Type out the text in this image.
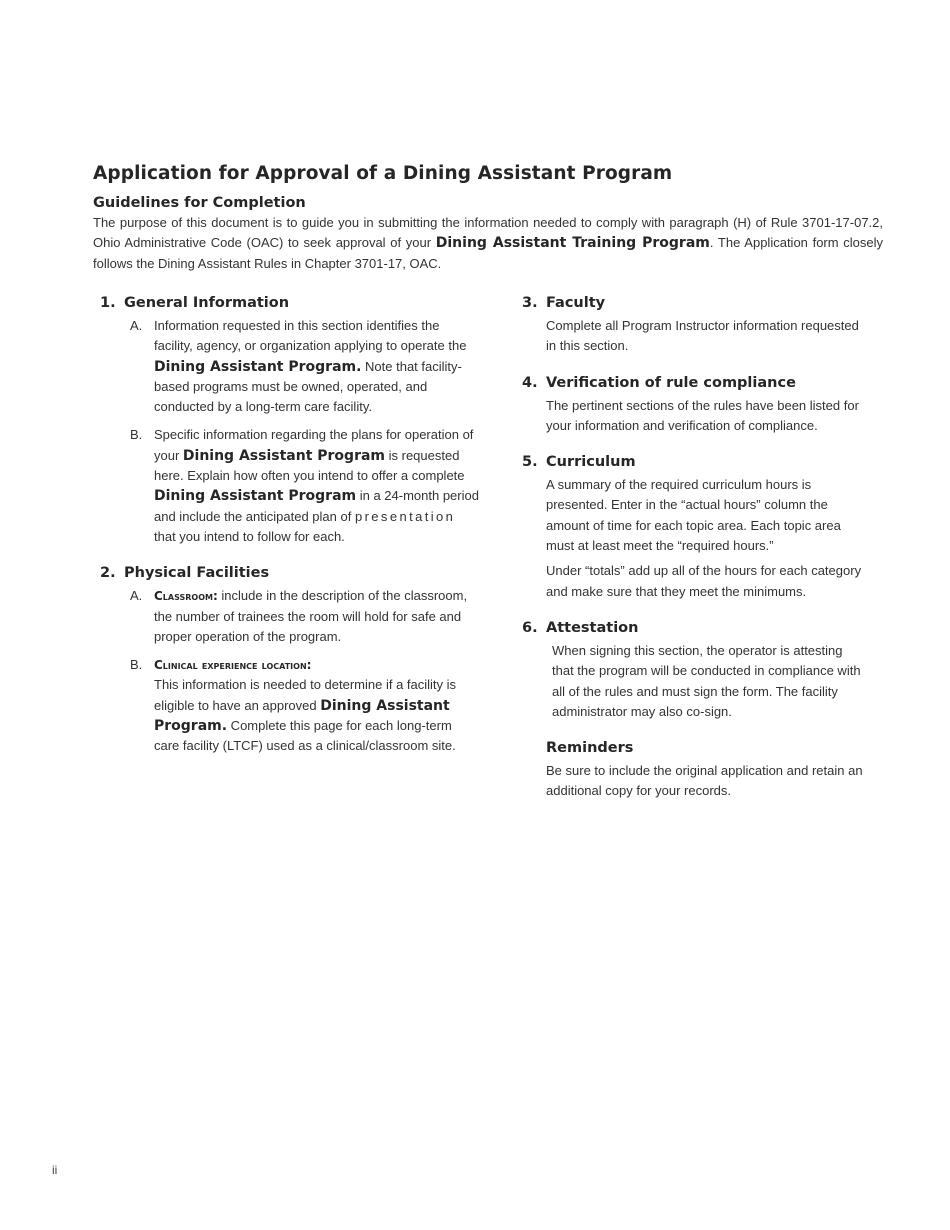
Application for Approval of a Dining Assistant Program
Guidelines for Completion

The purpose of this document is to guide you in submitting the information needed to comply with paragraph (H) of Rule 3701-17-07.2, Ohio Administrative Code (OAC) to seek approval of your Dining Assistant Training Program. The Application form closely follows the Dining Assistant Rules in Chapter 3701-17, OAC.

1. General Information
A. Information requested in this section identifies the facility, agency, or organization applying to operate the Dining Assistant Program. Note that facility-based programs must be owned, operated, and conducted by a long-term care facility.
B. Specific information regarding the plans for operation of your Dining Assistant Program is requested here. Explain how often you intend to offer a complete Dining Assistant Program in a 24-month period and include the anticipated plan of presentation that you intend to follow for each.
2. Physical Facilities
A. Classroom: include in the description of the classroom, the number of trainees the room will hold for safe and proper operation of the program.
B. Clinical experience location:
This information is needed to determine if a facility is eligible to have an approved Dining Assistant Program. Complete this page for each long-term care facility (LTCF) used as a clinical/classroom site.
3. Faculty
Complete all Program Instructor information requested in this section.
4. Verification of rule compliance
The pertinent sections of the rules have been listed for your information and verification of compliance.
5. Curriculum
A summary of the required curriculum hours is presented. Enter in the “actual hours” column the amount of time for each topic area. Each topic area must at least meet the “required hours.”
Under “totals” add up all of the hours for each category and make sure that they meet the minimums.
6. Attestation
When signing this section, the operator is attesting that the program will be conducted in compliance with all of the rules and must sign the form. The facility administrator may also co-sign.
Reminders
Be sure to include the original application and retain an additional copy for your records.
ii
